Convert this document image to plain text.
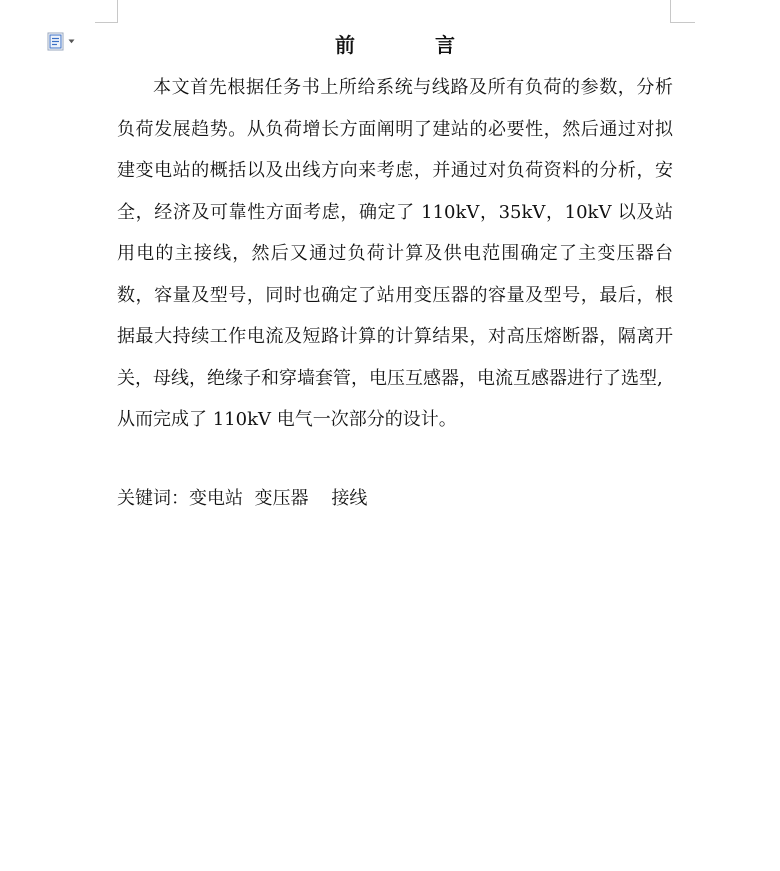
前　言

本文首先根据任务书上所给系统与线路及所有负荷的参数，分析负荷发展趋势。从负荷增长方面阐明了建站的必要性，然后通过对拟建变电站的概括以及出线方向来考虑，并通过对负荷资料的分析，安全，经济及可靠性方面考虑，确定了 110kV，35kV，10kV 以及站用电的主接线，然后又通过负荷计算及供电范围确定了主变压器台数，容量及型号，同时也确定了站用变压器的容量及型号，最后，根据最大持续工作电流及短路计算的计算结果，对高压熔断器，隔离开关，母线，绝缘子和穿墙套管，电压互感器，电流互感器进行了选型,
从而完成了 110kV 电气一次部分的设计。

关键词：变电站  变压器    接线
